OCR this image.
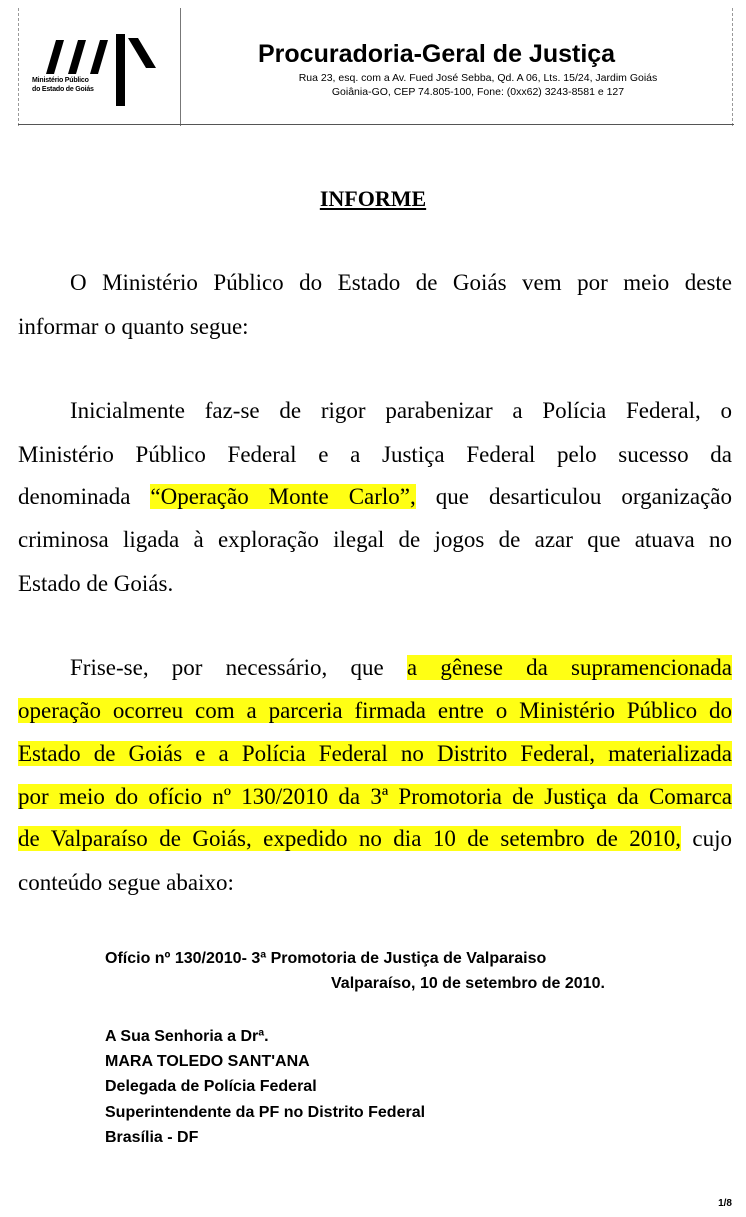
Ministério Público
do Estado de Goiás
Procuradoria-Geral de Justiça
Rua 23, esq. com a Av. Fued José Sebba, Qd. A 06, Lts. 15/24, Jardim Goiás
Goiânia-GO, CEP 74.805-100, Fone: (0xx62) 3243-8581 e 127
INFORME
O Ministério Público do Estado de Goiás vem por meio deste
informar o quanto segue:
Inicialmente faz-se de rigor parabenizar a Polícia Federal, o
Ministério Público Federal e a Justiça Federal pelo sucesso da
denominada “Operação Monte Carlo”, que desarticulou organização
criminosa ligada à exploração ilegal de jogos de azar que atuava no
Estado de Goiás.
Frise-se, por necessário, que a gênese da supramencionada
operação ocorreu com a parceria firmada entre o Ministério Público do
Estado de Goiás e a Polícia Federal no Distrito Federal, materializada
por meio do ofício nº 130/2010 da 3ª Promotoria de Justiça da Comarca
de Valparaíso de Goiás, expedido no dia 10 de setembro de 2010, cujo
conteúdo segue abaixo:
Ofício nº 130/2010- 3ª Promotoria de Justiça de Valparaiso
Valparaíso, 10 de setembro de 2010.
A Sua Senhoria a Drª.
MARA TOLEDO SANT'ANA
Delegada de Polícia Federal
Superintendente da PF no Distrito Federal
Brasília - DF
1/8
